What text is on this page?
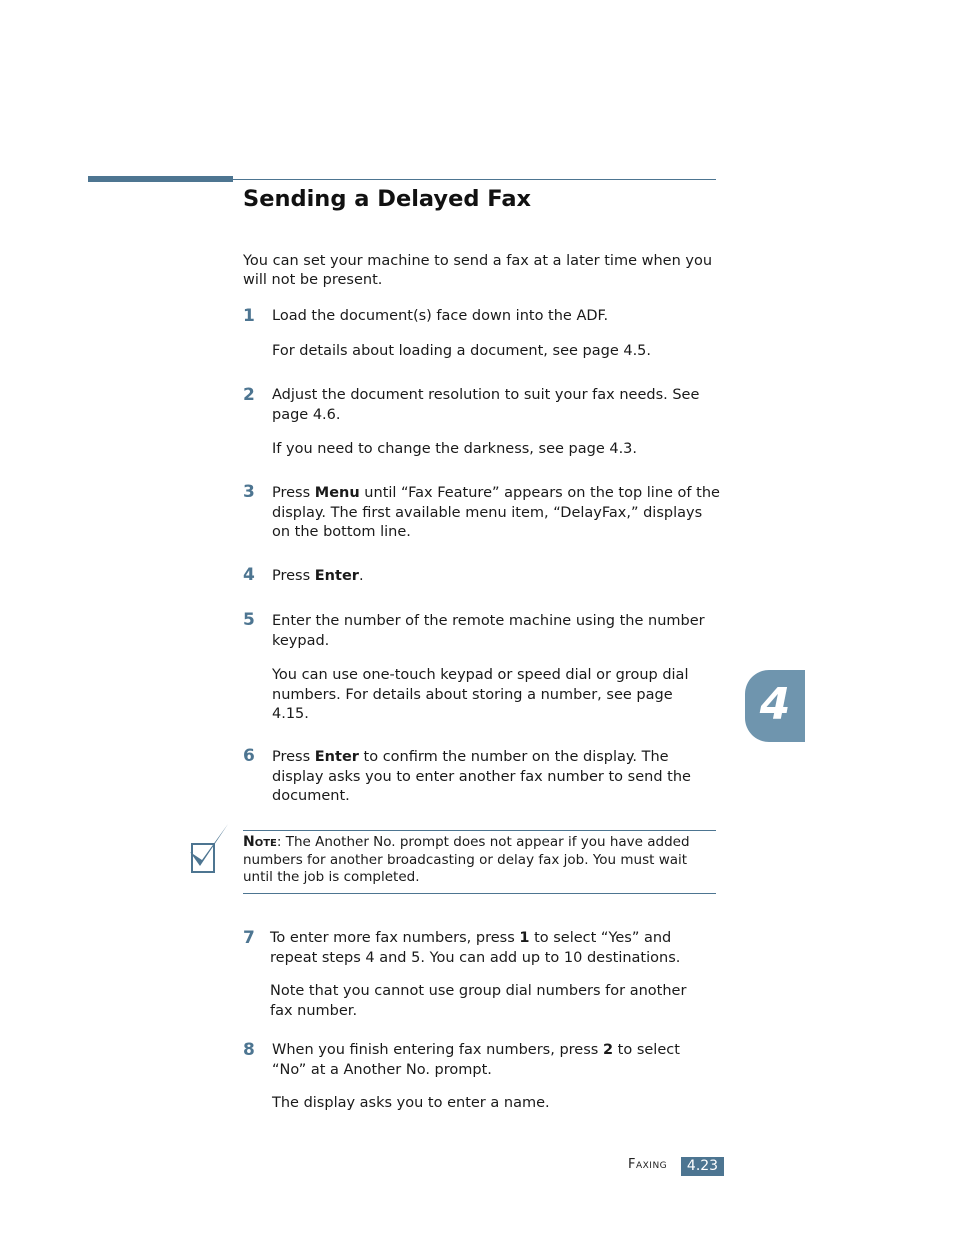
Sending a Delayed Fax

You can set your machine to send a fax at a later time when you will not be present.

1 Load the document(s) face down into the ADF.

For details about loading a document, see page 4.5.

2 Adjust the document resolution to suit your fax needs. See page 4.6.

If you need to change the darkness, see page 4.3.

3 Press Menu until “Fax Feature” appears on the top line of the display. The first available menu item, “DelayFax,” displays on the bottom line.

4 Press Enter.

5 Enter the number of the remote machine using the number keypad.

You can use one-touch keypad or speed dial or group dial numbers. For details about storing a number, see page 4.15.

6 Press Enter to confirm the number on the display. The display asks you to enter another fax number to send the document.

Note: The Another No. prompt does not appear if you have added numbers for another broadcasting or delay fax job. You must wait until the job is completed.

7 To enter more fax numbers, press 1 to select “Yes” and repeat steps 4 and 5. You can add up to 10 destinations.

Note that you cannot use group dial numbers for another fax number.

8 When you finish entering fax numbers, press 2 to select “No” at a Another No. prompt.

The display asks you to enter a name.

4
Faxing	4.23
